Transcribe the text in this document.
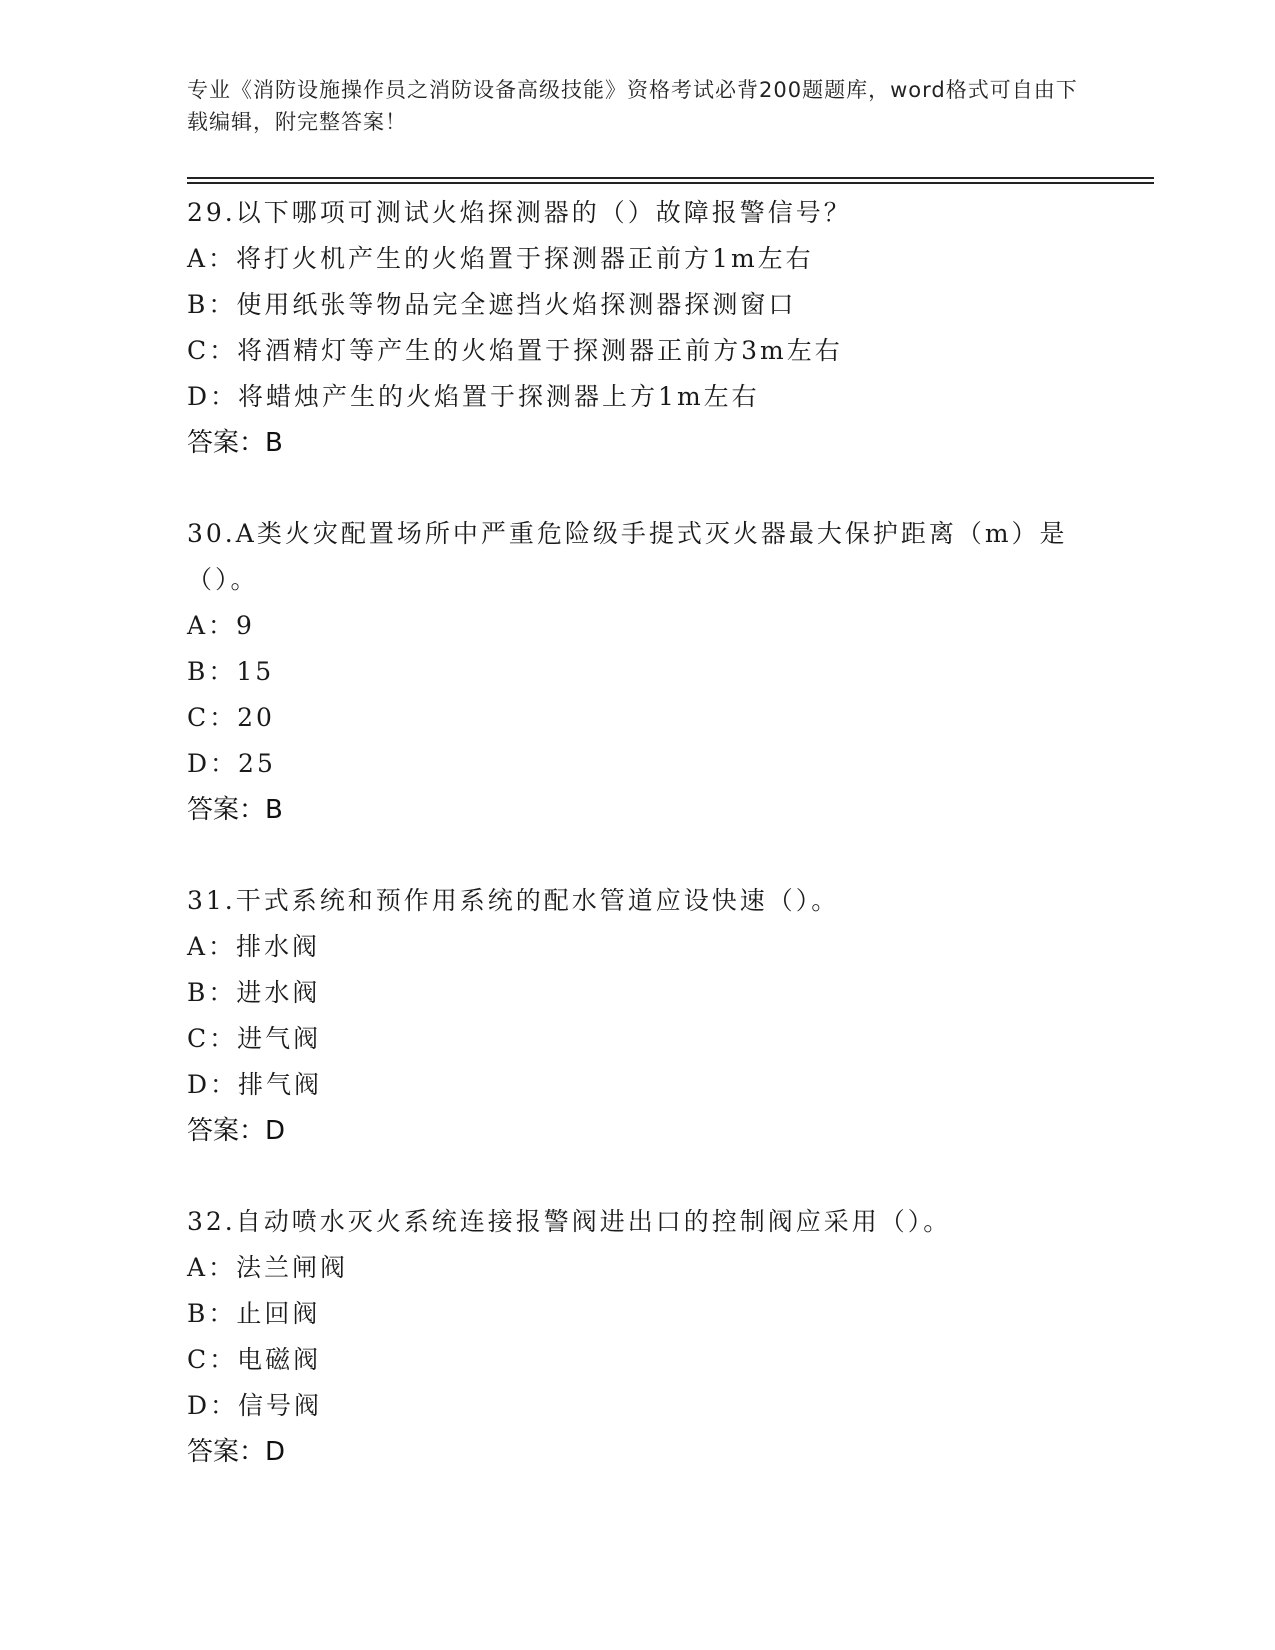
专业《消防设施操作员之消防设备高级技能》资格考试必背200题题库，word格式可自由下载编辑，附完整答案！
29.以下哪项可测试火焰探测器的（）故障报警信号？
A：将打火机产生的火焰置于探测器正前方1m左右
B：使用纸张等物品完全遮挡火焰探测器探测窗口
C：将酒精灯等产生的火焰置于探测器正前方3m左右
D：将蜡烛产生的火焰置于探测器上方1m左右
答案：B
30.A类火灾配置场所中严重危险级手提式灭火器最大保护距离（m）是（）。
A：9
B：15
C：20
D：25
答案：B
31.干式系统和预作用系统的配水管道应设快速（）。
A：排水阀
B：进水阀
C：进气阀
D：排气阀
答案：D
32.自动喷水灭火系统连接报警阀进出口的控制阀应采用（）。
A：法兰闸阀
B：止回阀
C：电磁阀
D：信号阀
答案：D
